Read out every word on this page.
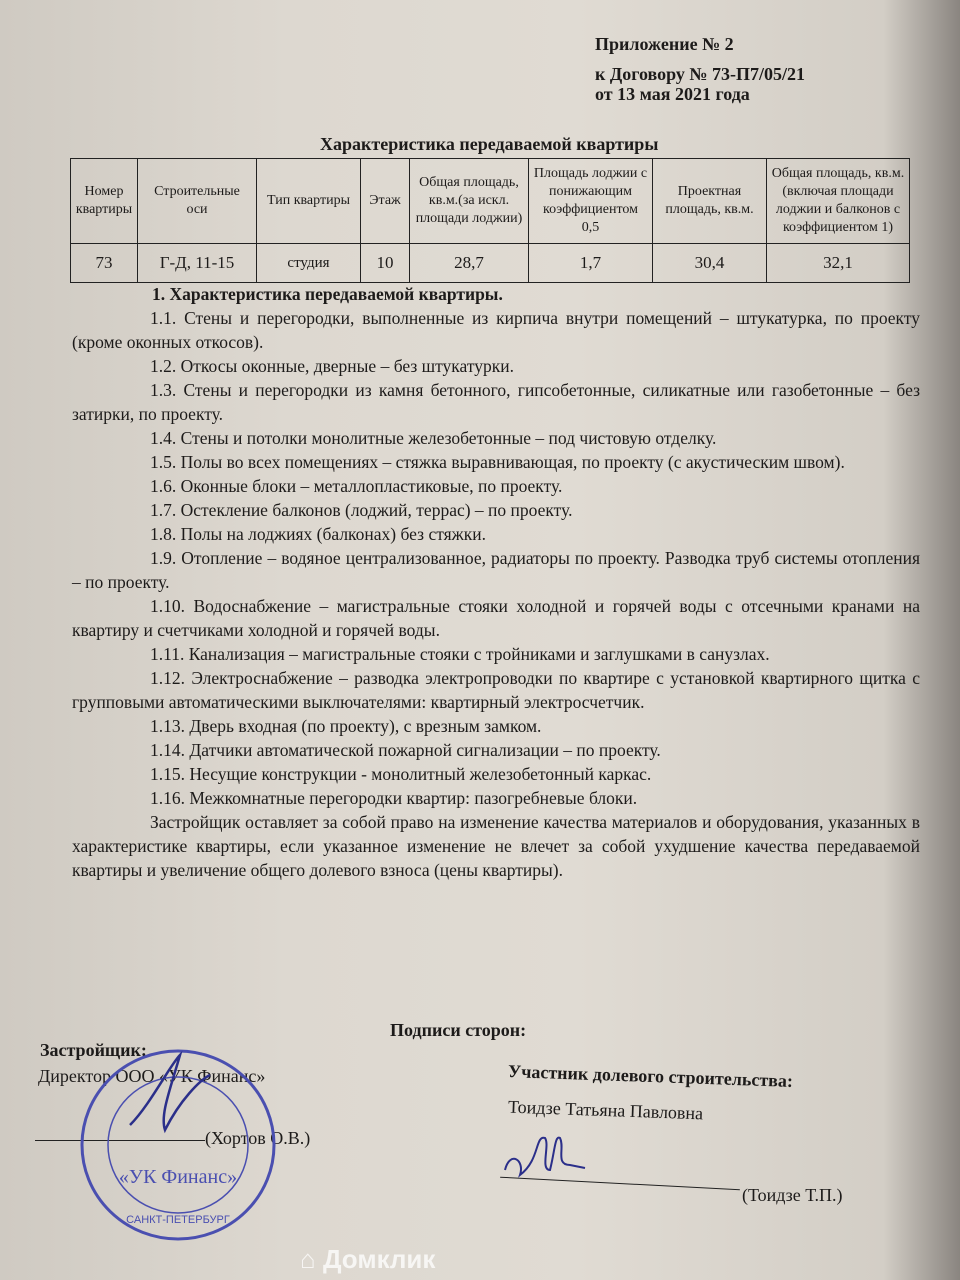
Приложение № 2
к Договору № 73-П7/05/21
от 13 мая 2021 года
Характеристика передаваемой квартиры
Номер квартиры	Строительные оси	Тип квартиры	Этаж	Общая площадь, кв.м.(за искл. площади лоджии)	Площадь лоджии с понижающим коэффициентом 0,5	Проектная площадь, кв.м.	Общая площадь, кв.м. (включая площади лоджии и балконов с коэффициентом 1)
73	Г-Д, 11-15	студия	10	28,7	1,7	30,4	32,1
1. Характеристика передаваемой квартиры.

1.1. Стены и перегородки, выполненные из кирпича внутри помещений – штукатурка, по проекту (кроме оконных откосов).

1.2. Откосы оконные, дверные – без штукатурки.

1.3. Стены и перегородки из камня бетонного, гипсобетонные, силикатные или газобетонные – без затирки, по проекту.

1.4. Стены и потолки монолитные железобетонные – под чистовую отделку.

1.5. Полы во всех помещениях – стяжка выравнивающая, по проекту (с акустическим швом).

1.6. Оконные блоки – металлопластиковые, по проекту.

1.7. Остекление балконов (лоджий, террас) – по проекту.

1.8. Полы на лоджиях (балконах) без стяжки.

1.9. Отопление – водяное централизованное, радиаторы по проекту. Разводка труб системы отопления – по проекту.

1.10. Водоснабжение – магистральные стояки холодной и горячей воды с отсечными кранами на квартиру и счетчиками холодной и горячей воды.

1.11. Канализация – магистральные стояки с тройниками и заглушками в санузлах.

1.12. Электроснабжение – разводка электропроводки по квартире с установкой квартирного щитка с групповыми автоматическими выключателями: квартирный электросчетчик.

1.13. Дверь входная (по проекту), с врезным замком.

1.14. Датчики автоматической пожарной сигнализации – по проекту.

1.15. Несущие конструкции - монолитный железобетонный каркас.

1.16. Межкомнатные перегородки квартир: пазогребневые блоки.

Застройщик оставляет за собой право на изменение качества материалов и оборудования, указанных в характеристике квартиры, если указанное изменение не влечет за собой ухудшение качества передаваемой квартиры и увеличение общего долевого взноса (цены квартиры).

Подписи сторон:
Застройщик:
Директор ООО «УК Финанс»
(Хортов О.В.)
Участник долевого строительства:
Тоидзе Татьяна Павловна
(Тоидзе Т.П.)
«УК Финанс»
САНКТ-ПЕТЕРБУРГ
⌂ Домклик
